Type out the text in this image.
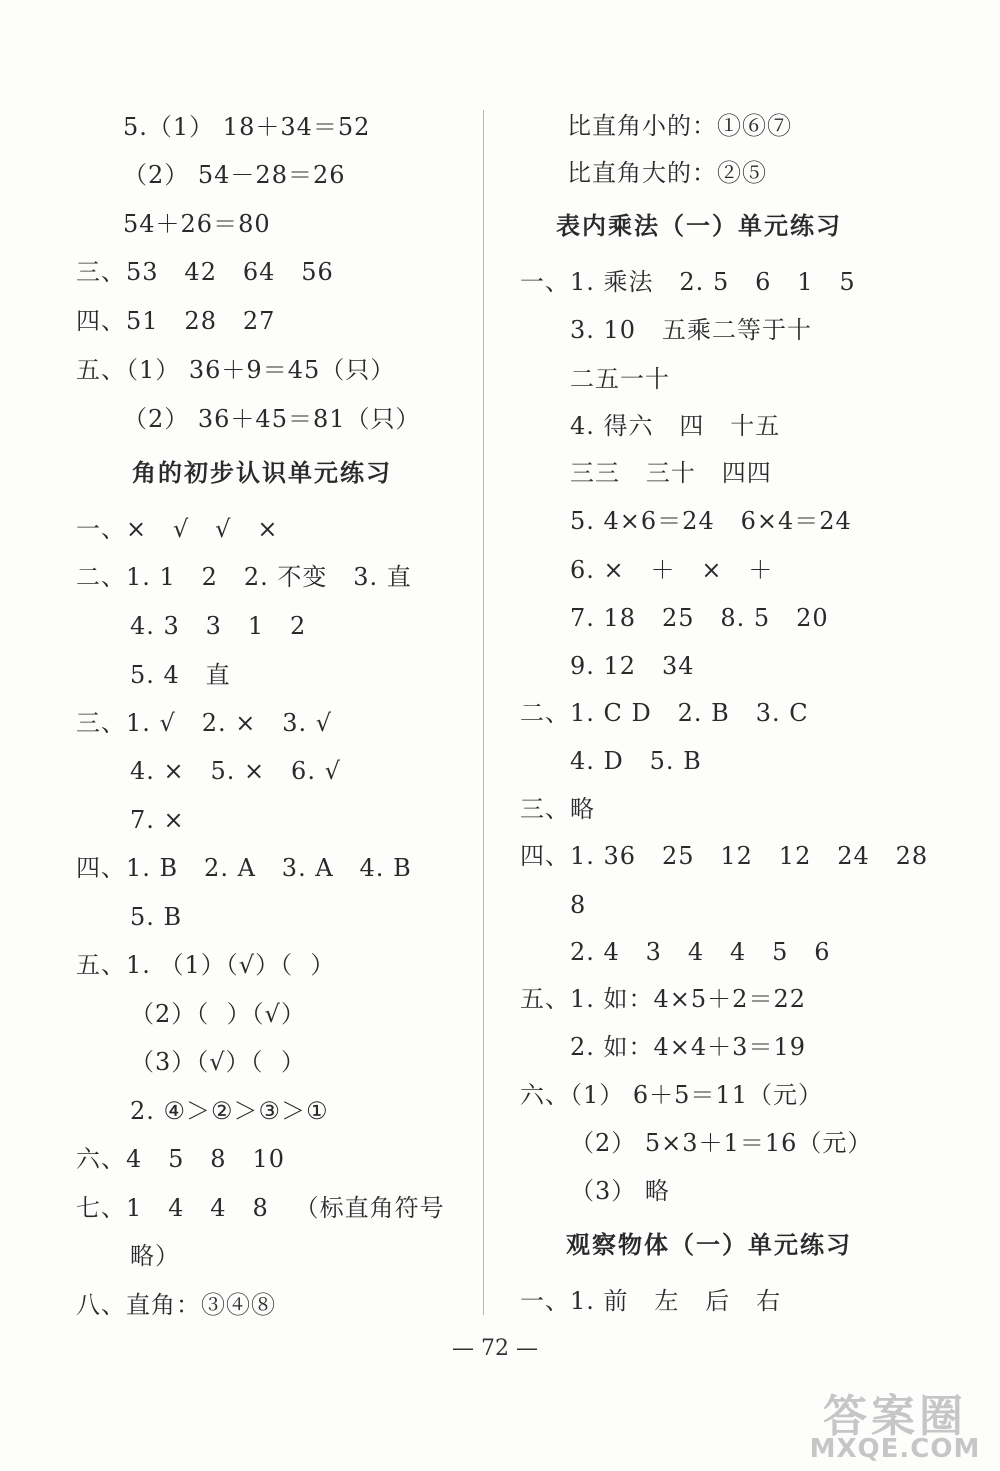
5.（1） 18＋34＝52
（2） 54－28＝26
54＋26＝80
三、53   42   64   56
四、51   28   27
五、（1） 36＋9＝45（只）
（2） 36＋45＝81（只）
角的初步认识单元练习
一、×   √   √   ×
二、1. 1   2   2. 不变   3. 直
4. 3   3   1   2
5. 4   直
三、1. √   2. ×   3. √
4. ×   5. ×   6. √
7. ×
四、1. B   2. A   3. A   4. B
5. B
五、1. （1）（√）（  ）
（2）（  ）（√）
（3）（√）（  ）
2. ④＞②＞③＞①
六、4   5   8   10
七、1   4   4   8   （标直角符号
略）
八、直角：③④⑧
比直角小的：①⑥⑦
比直角大的：②⑤
表内乘法（一）单元练习
一、1. 乘法   2. 5   6   1   5
3. 10   五乘二等于十
二五一十
4. 得六   四   十五
三三   三十   四四
5. 4×6＝24   6×4＝24
6. ×   ＋   ×   ＋
7. 18   25   8. 5   20
9. 12   34
二、1. C D   2. B   3. C
4. D   5. B
三、略
四、1. 36   25   12   12   24   28
8
2. 4   3   4   4   5   6
五、1. 如：4×5＋2＝22
2. 如：4×4＋3＝19
六、（1） 6＋5＝11（元）
（2） 5×3＋1＝16（元）
（3） 略
观察物体（一）单元练习
一、1. 前   左   后   右
— 72 —
答案圈
MXQE.COM
